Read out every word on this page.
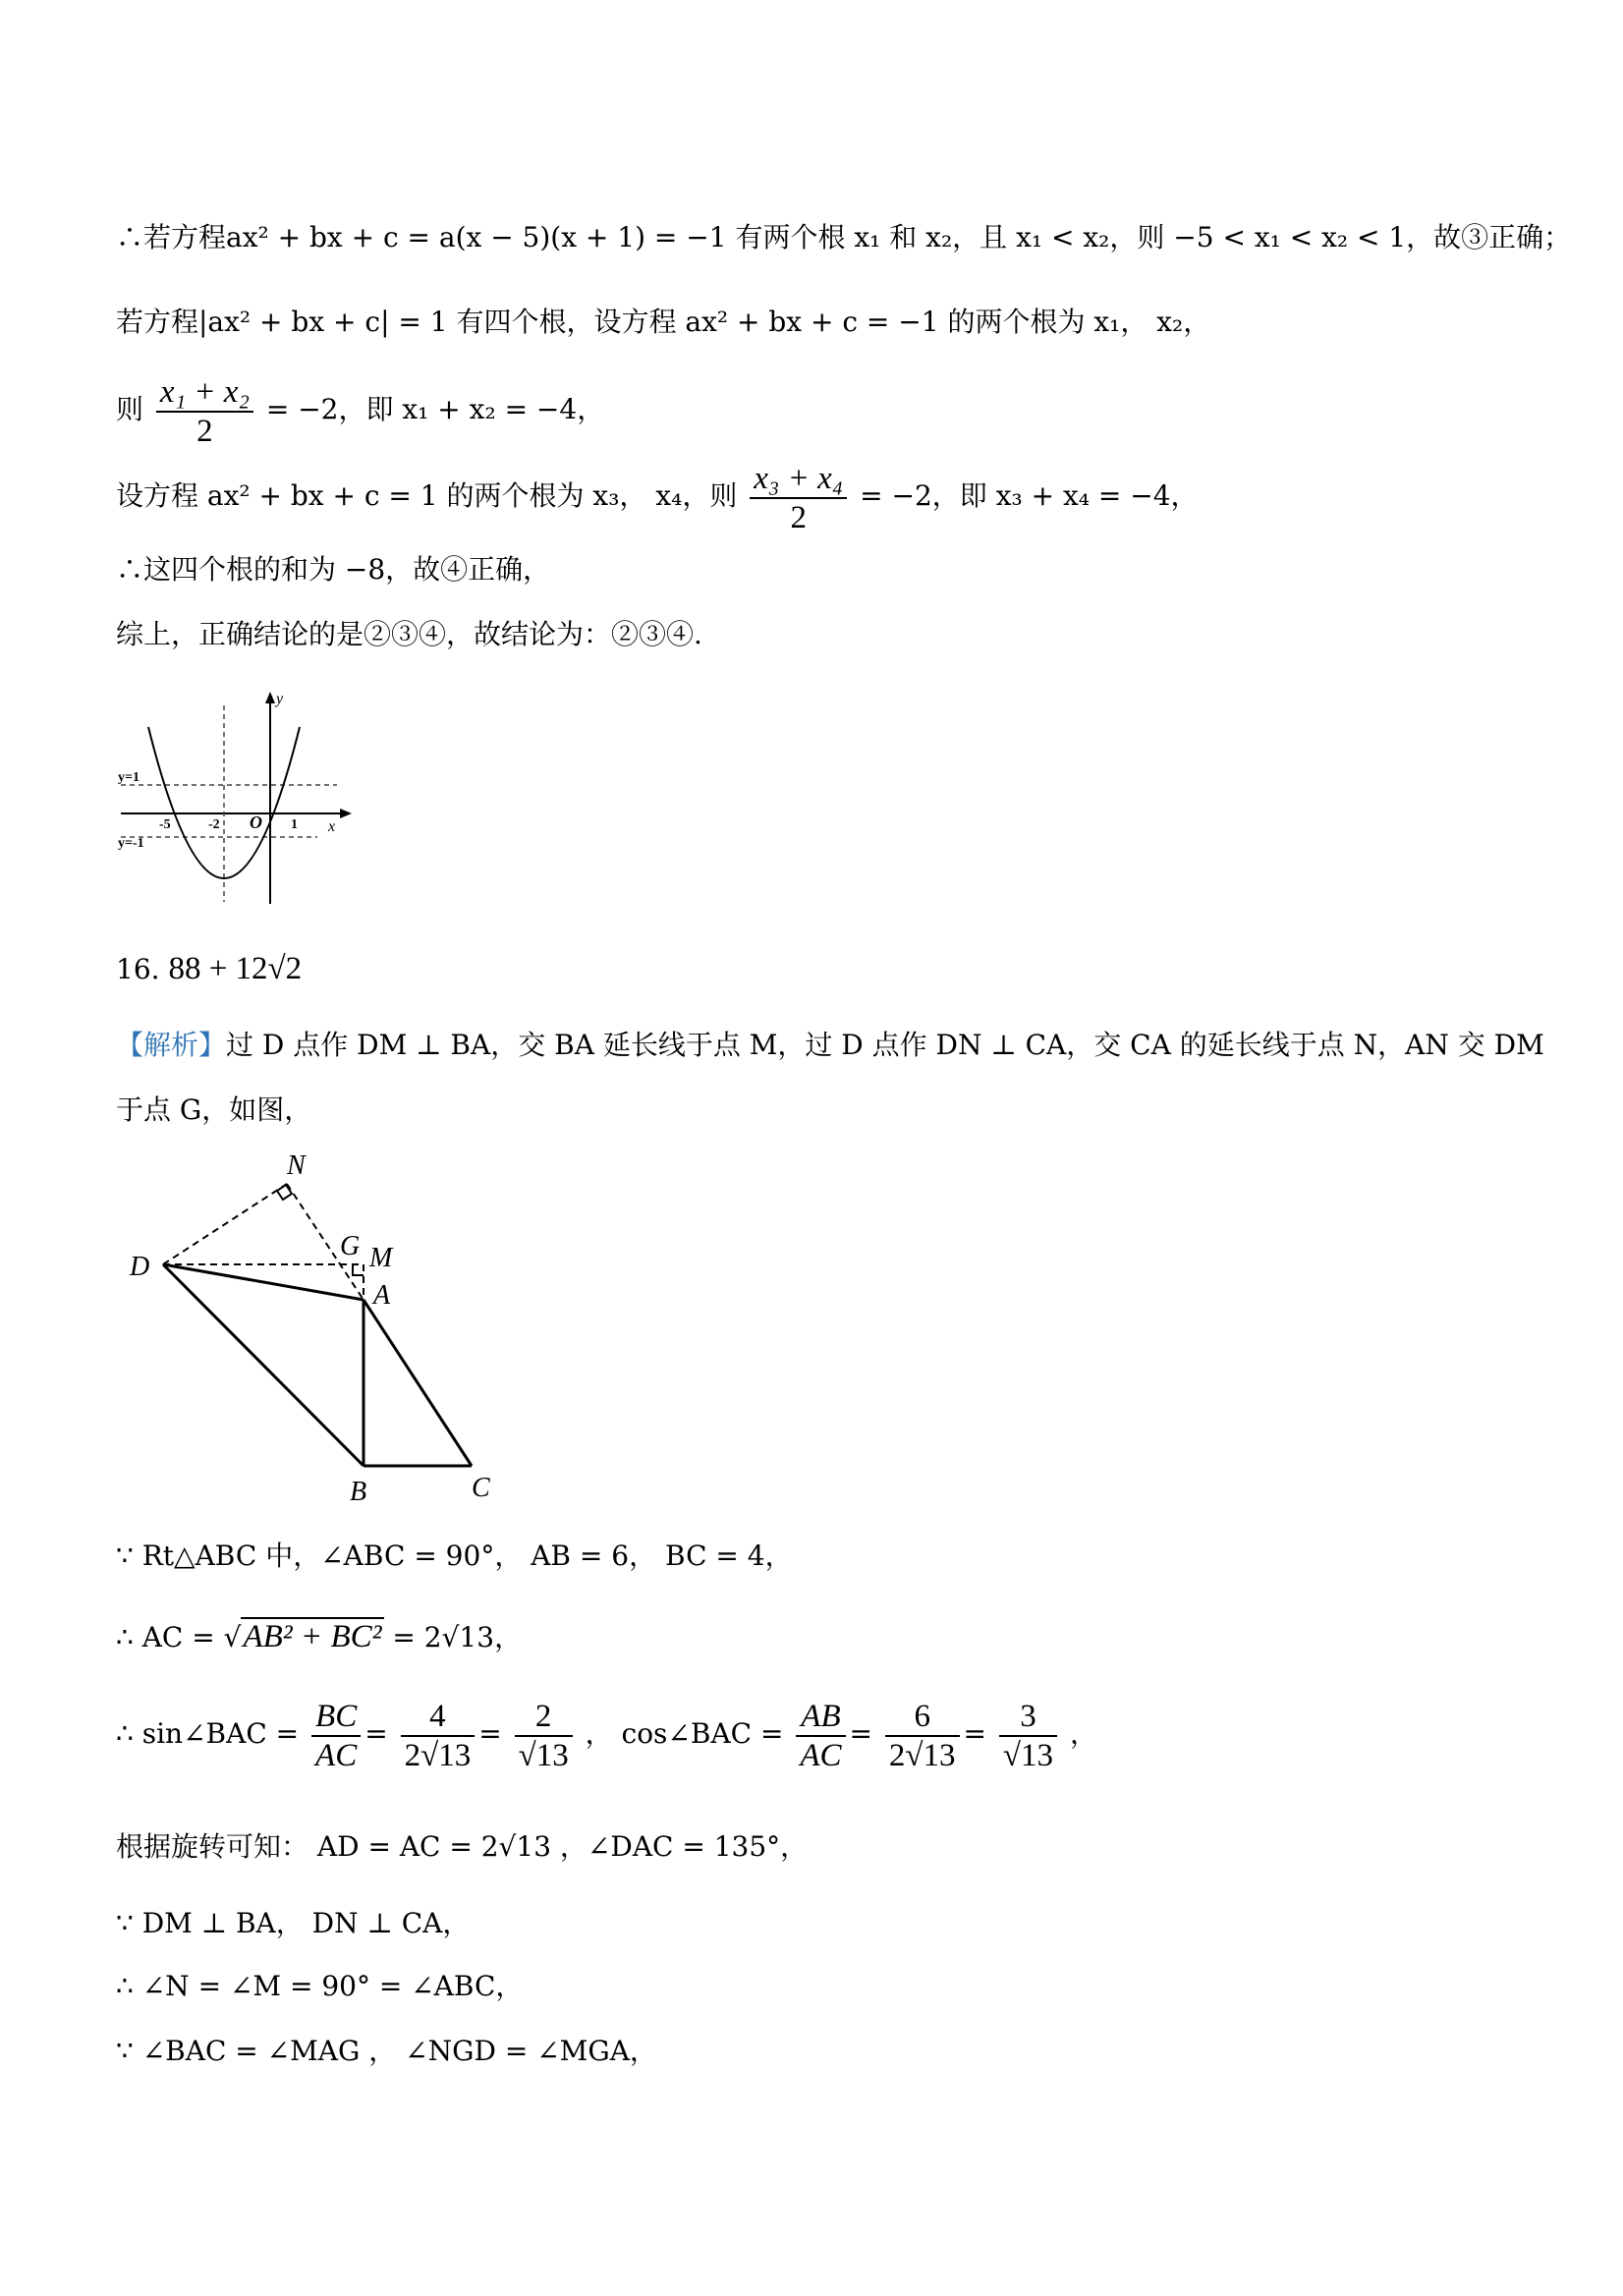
∴若方程ax² + bx + c = a(x − 5)(x + 1) = −1 有两个根 x₁ 和 x₂，且 x₁ < x₂，则 −5 < x₁ < x₂ < 1，故③正确；
若方程|ax² + bx + c| = 1 有四个根，设方程 ax² + bx + c = −1 的两个根为 x₁， x₂，
则 $\frac{\text{x₁ + x₂}}{2} = -2$，即 x₁ + x₂ = −4，
设方程 ax² + bx + c = 1 的两个根为 x₃， x₄，则 $\frac{\text{x₃ + x₄}}{2} = -2$，即 x₃ + x₄ = −4，
∴这四个根的和为 −8，故④正确，
综上，正确结论的是②③④，故结论为：②③④.
y
x
O
y=1
y=-1
-5	-2	1
16. 88 + 12√2
【解析】过 D 点作 DM ⊥ BA，交 BA 延长线于点 M，过 D 点作 DN ⊥ CA，交 CA 的延长线于点 N，AN 交 DM
于点 G，如图，
N
G M
D
A
B	C
∵ Rt△ABC 中，∠ABC = 90°， AB = 6， BC = 4，
∴ AC = √AB² + BC² = 2√13，
∴ sin∠BAC = $\frac{BC}{AC} = \frac{4}{2√13} = \frac{2}{√13}$ ， cos∠BAC = $\frac{AB}{AC} = \frac{6}{2√13} = \frac{3}{√13}$ ，
根据旋转可知： AD = AC = 2√13 ，∠DAC = 135°，
∵ DM ⊥ BA， DN ⊥ CA，
∴ ∠N = ∠M = 90° = ∠ABC，
∵ ∠BAC = ∠MAG ， ∠NGD = ∠MGA，
